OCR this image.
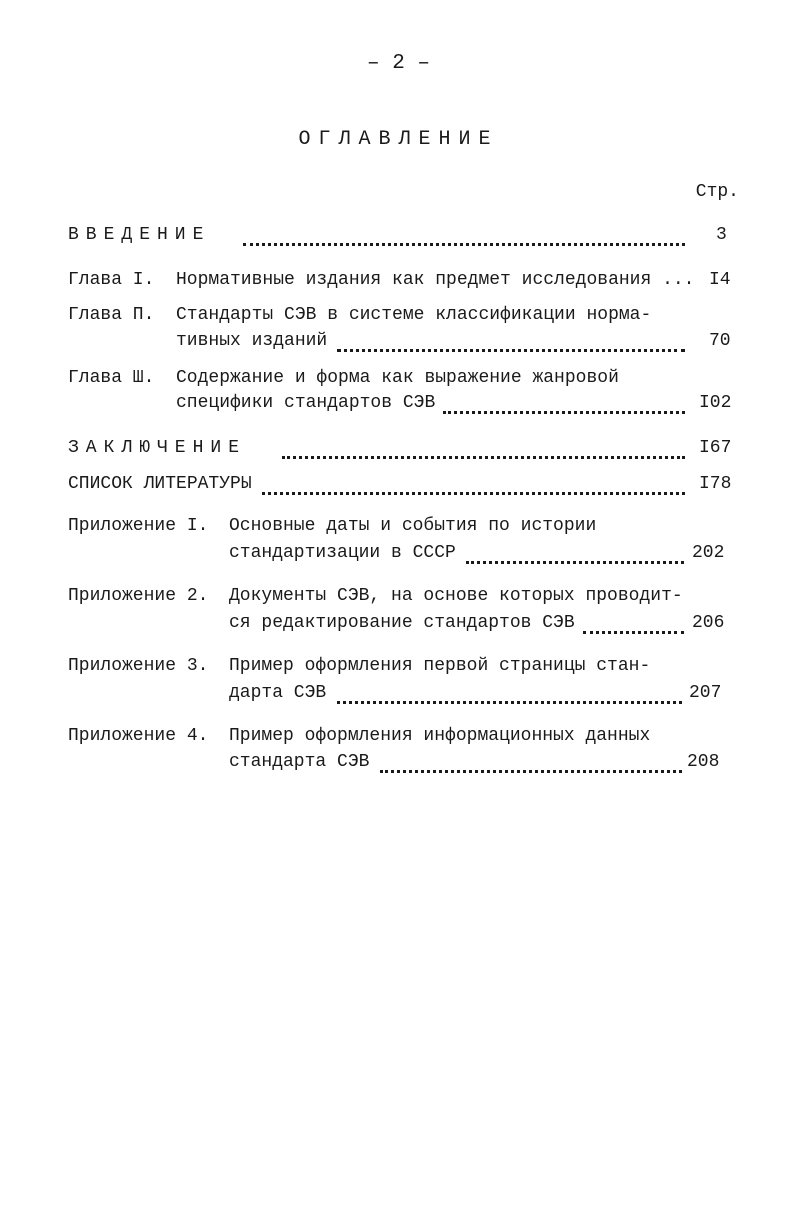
– 2 –
ОГЛАВЛЕНИЕ
Стр.
ВВЕДЕНИЕ	3
Глава I. Нормативные издания как предмет исследования ... I4
Глава П. Стандарты СЭВ в системе классификации норма-
тивных изданий	70
Глава Ш. Содержание и форма как выражение жанровой
специфики стандартов СЭВ	I02
ЗАКЛЮЧЕНИЕ	I67
СПИСОК ЛИТЕРАТУРЫ	I78
Приложение I. Основные даты и события по истории
стандартизации в СССР	202
Приложение 2. Документы СЭВ, на основе которых проводит-
ся редактирование стандартов СЭВ	206
Приложение 3. Пример оформления первой страницы стан-
дарта СЭВ	207
Приложение 4. Пример оформления информационных данных
стандарта СЭВ	208
